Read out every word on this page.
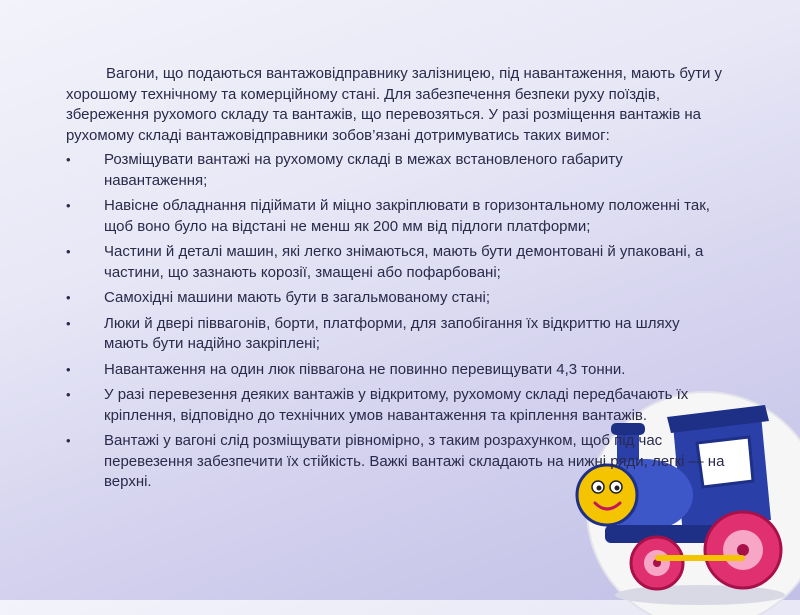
Вагони, що подаються вантажовідправнику залізницею, під навантаження, мають бути у хорошому технічному та комерційному стані. Для забезпечення безпеки руху поїздів, збереження рухомого складу та вантажів, що перевозяться. У разі розміщення вантажів на рухомому складі вантажовідправники зобов’язані дотримуватись таких вимог:

•	Розміщувати вантажі на рухомому складі в межах встановленого габариту навантаження;
•	Навісне обладнання підіймати й міцно закріплювати в горизонтальному положенні так, щоб воно було на відстані не менш як 200 мм від підлоги платформи;
•	Частини й деталі машин, які легко знімаються, мають бути демонтовані й упаковані, а частини, що зазнають корозії, змащені або пофарбовані;
•	Самохідні машини мають бути в загальмованому стані;
•	Люки й двері піввагонів, борти, платформи, для запобігання їх відкриттю на шляху мають бути надійно закріплені;
•	Навантаження на один люк піввагона не повинно перевищувати 4,3 тонни.
•	У разі перевезення деяких вантажів у відкритому, рухомому складі передбачають їх кріплення, відповідно до технічних умов навантаження та кріплення вантажів.
•	Вантажі у вагоні слід розміщувати рівномірно, з таким розрахунком, щоб під час перевезення забезпечити їх стійкість. Важкі вантажі складають на нижні ряди, легкі — на верхні.
